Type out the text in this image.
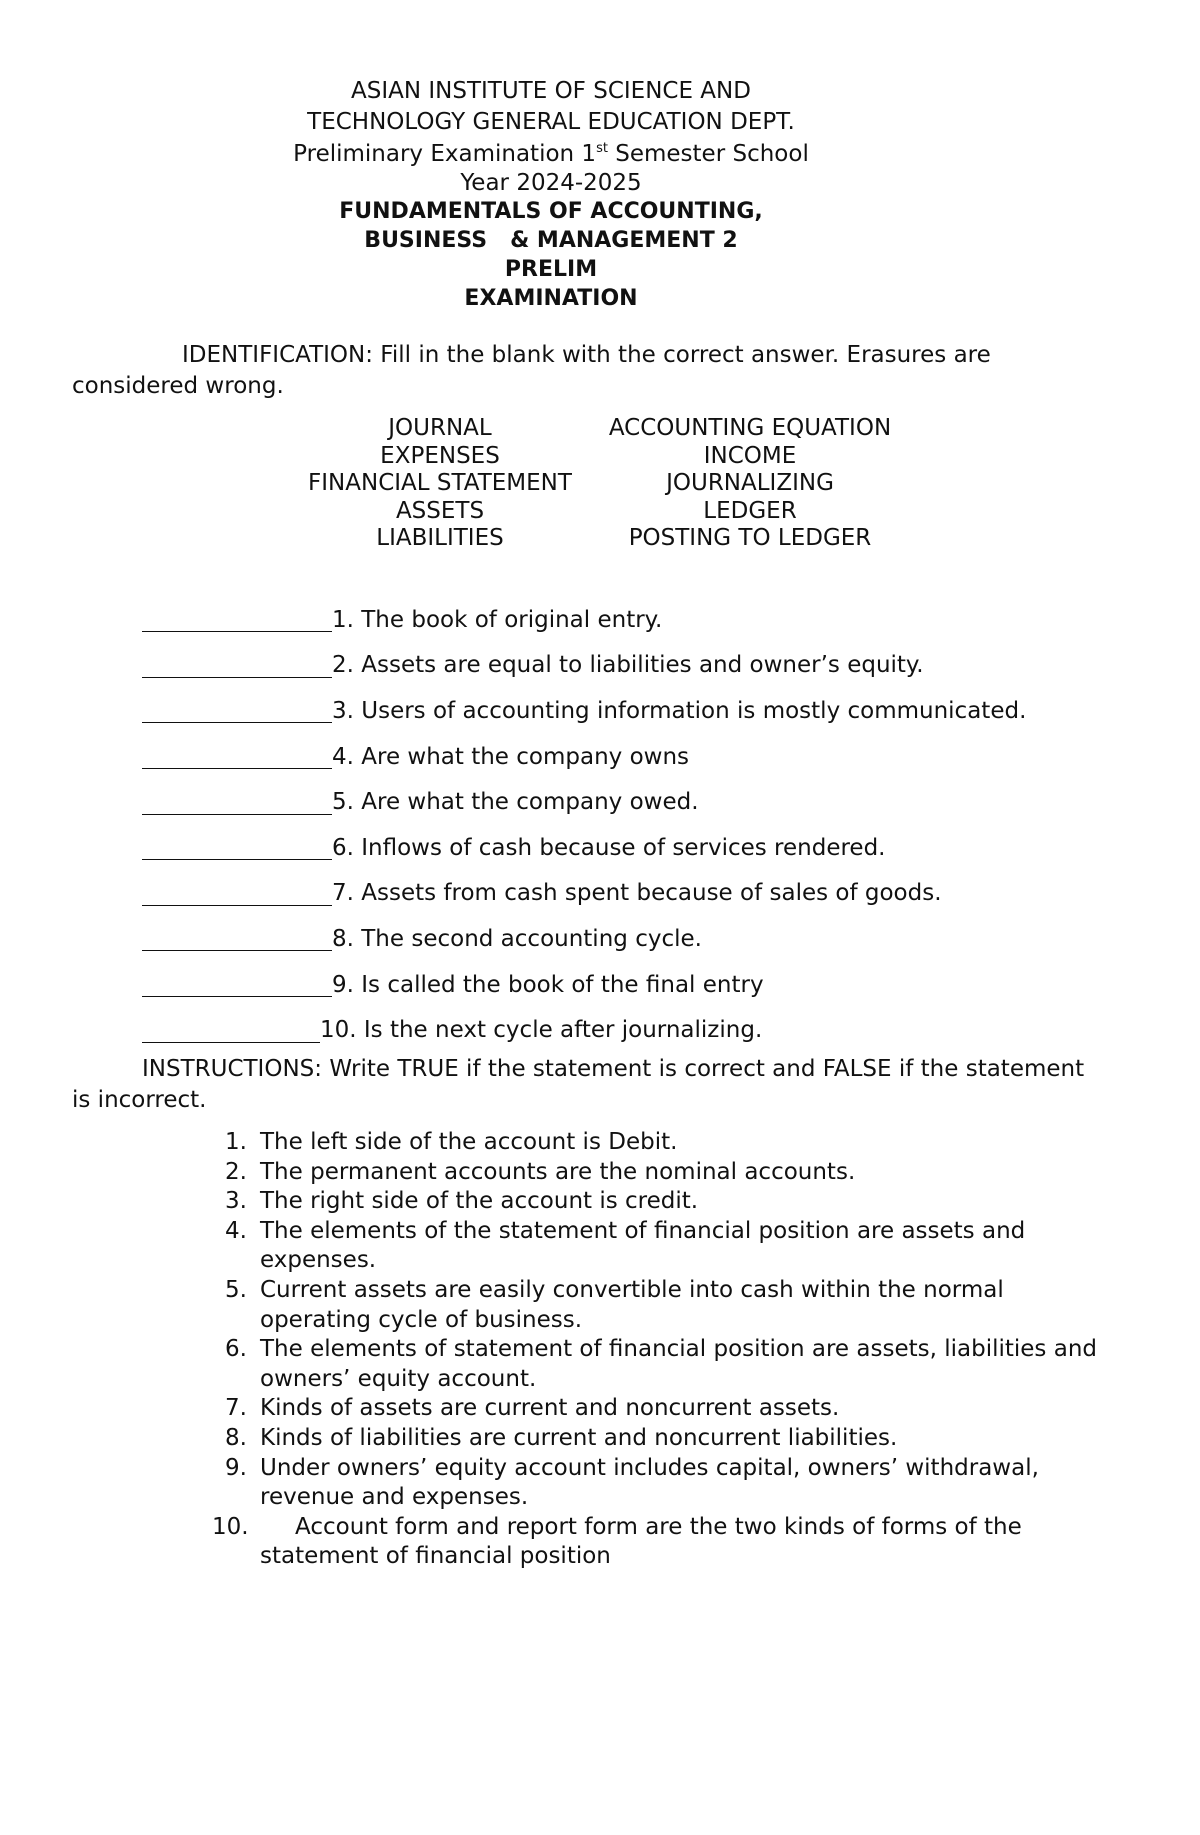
ASIAN INSTITUTE OF SCIENCE AND

TECHNOLOGY GENERAL EDUCATION DEPT.

Preliminary Examination 1st Semester School

Year 2024-2025

FUNDAMENTALS OF ACCOUNTING,

BUSINESS   & MANAGEMENT 2

PRELIM

EXAMINATION

IDENTIFICATION: Fill in the blank with the correct answer. Erasures are
considered wrong.
JOURNAL
EXPENSES
FINANCIAL STATEMENT
ASSETS
LIABILITIES
ACCOUNTING EQUATION
INCOME
JOURNALIZING
LEDGER
POSTING TO LEDGER
1. The book of original entry.
2. Assets are equal to liabilities and owner’s equity.
3. Users of accounting information is mostly communicated.
4. Are what the company owns
5. Are what the company owed.
6. Inflows of cash because of services rendered.
7. Assets from cash spent because of sales of goods.
8. The second accounting cycle.
9. Is called the book of the final entry
10. Is the next cycle after journalizing.
INSTRUCTIONS: Write TRUE if the statement is correct and FALSE if the statement
is incorrect.
1. The left side of the account is Debit.
2. The permanent accounts are the nominal accounts.
3. The right side of the account is credit.
4. The elements of the statement of financial position are assets and
expenses.
5. Current assets are easily convertible into cash within the normal
operating cycle of business.
6. The elements of statement of financial position are assets, liabilities and
owners’ equity account.
7. Kinds of assets are current and noncurrent assets.
8. Kinds of liabilities are current and noncurrent liabilities.
9. Under owners’ equity account includes capital, owners’ withdrawal,
revenue and expenses.
10.	Account form and report form are the two kinds of forms of the
statement of financial position
